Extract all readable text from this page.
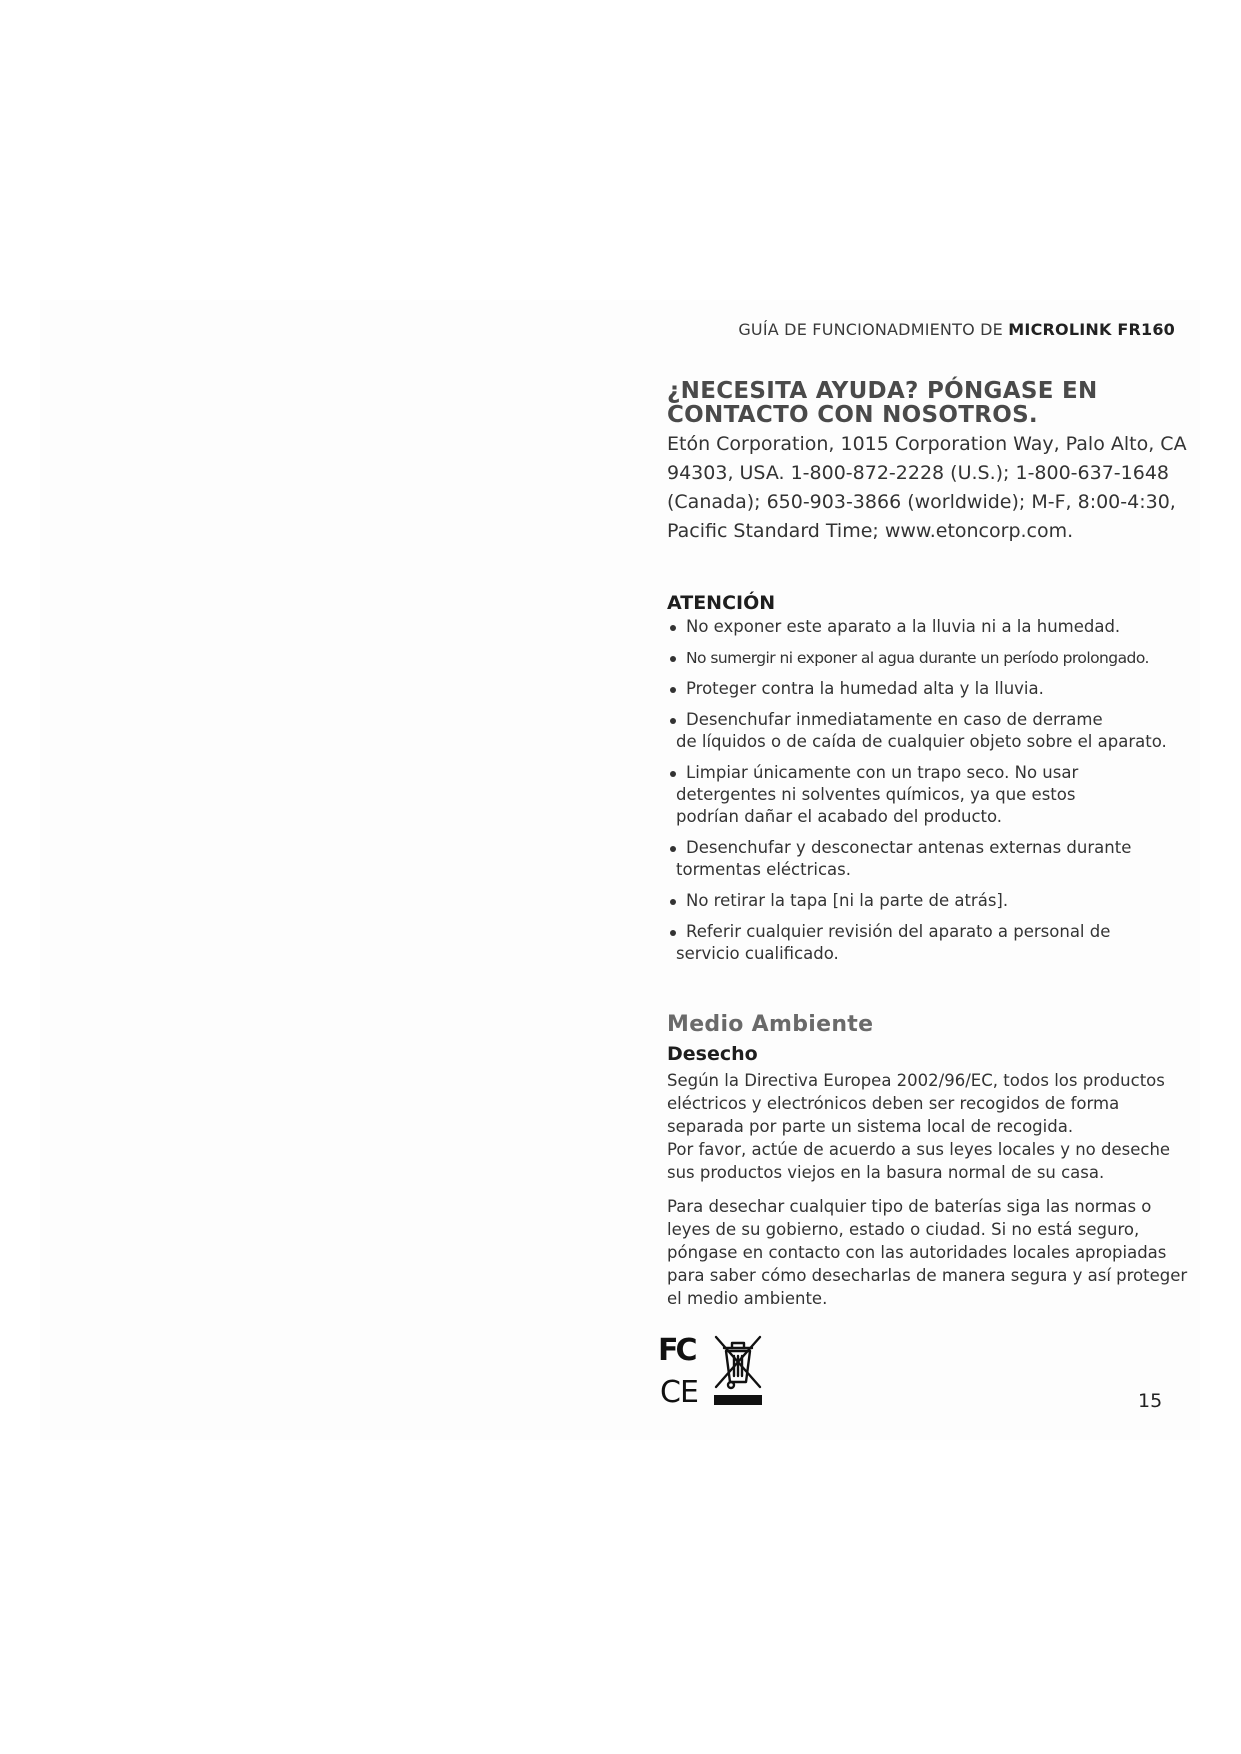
GUÍA DE FUNCIONADMIENTO DE MICROLINK FR160
¿NECESITA AYUDA? PÓNGASE EN
CONTACTO CON NOSOTROS.

Etón Corporation, 1015 Corporation Way, Palo Alto, CA
94303, USA. 1-800-872-2228 (U.S.); 1-800-637-1648
(Canada); 650-903-3866 (worldwide); M-F, 8:00-4:30,
Pacific Standard Time; www.etoncorp.com.

ATENCIÓN
No exponer este aparato a la lluvia ni a la humedad.
No sumergir ni exponer al agua durante un período prolongado.
Proteger contra la humedad alta y la lluvia.
Desenchufar inmediatamente en caso de derrame
de líquidos o de caída de cualquier objeto sobre el aparato.
Limpiar únicamente con un trapo seco. No usar
detergentes ni solventes químicos, ya que estos
podrían dañar el acabado del producto.
Desenchufar y desconectar antenas externas durante
tormentas eléctricas.
No retirar la tapa [ni la parte de atrás].
Referir cualquier revisión del aparato a personal de
servicio cualificado.
Medio Ambiente
Desecho

Según la Directiva Europea 2002/96/EC, todos los productos
eléctricos y electrónicos deben ser recogidos de forma
separada por parte un sistema local de recogida.
Por favor, actúe de acuerdo a sus leyes locales y no deseche
sus productos viejos en la basura normal de su casa.

Para desechar cualquier tipo de baterías siga las normas o
leyes de su gobierno, estado o ciudad. Si no está seguro,
póngase en contacto con las autoridades locales apropiadas
para saber cómo desecharlas de manera segura y así proteger
el medio ambiente.

FC
CE	15
